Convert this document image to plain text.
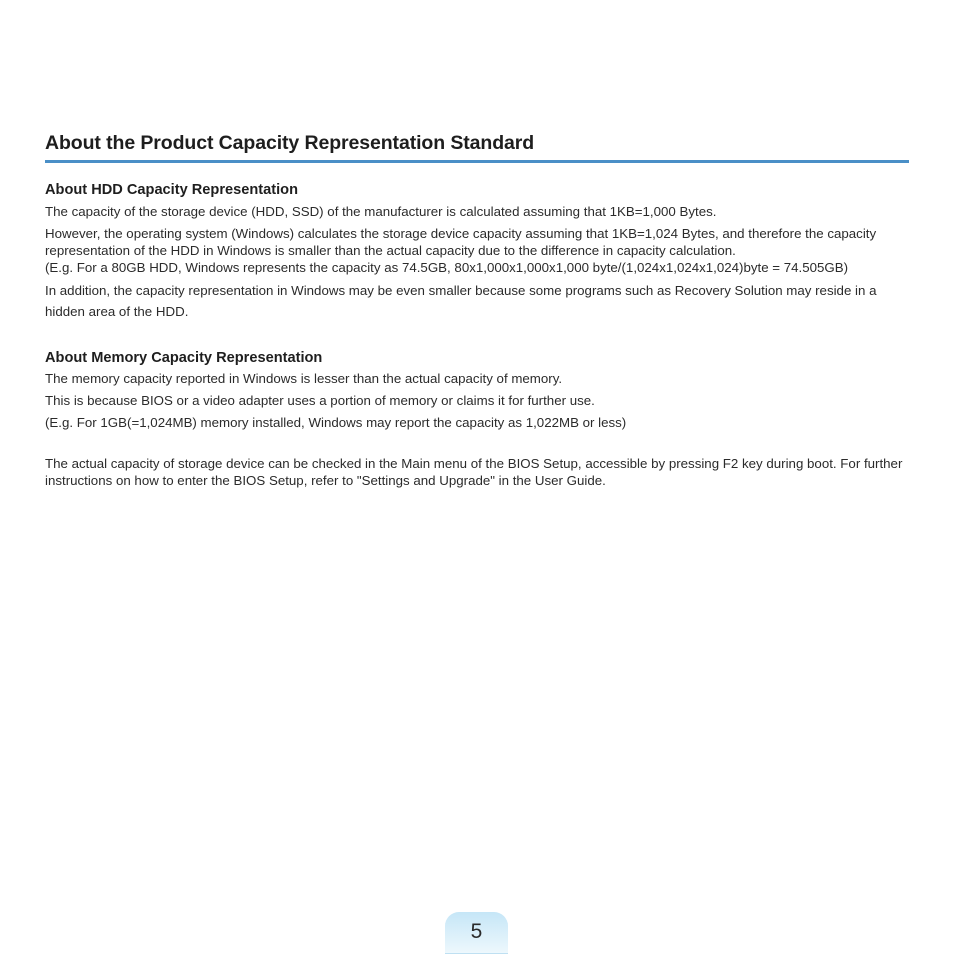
About the Product Capacity Representation Standard
About HDD Capacity Representation

The capacity of the storage device (HDD, SSD) of the manufacturer is calculated assuming that 1KB=1,000 Bytes.

However, the operating system (Windows) calculates the storage device capacity assuming that 1KB=1,024 Bytes, and therefore the capacity representation of the HDD in Windows is smaller than the actual capacity due to the difference in capacity calculation.
(E.g. For a 80GB HDD, Windows represents the capacity as 74.5GB, 80x1,000x1,000x1,000 byte/(1,024x1,024x1,024)byte = 74.505GB)

In addition, the capacity representation in Windows may be even smaller because some programs such as Recovery Solution may reside in a hidden area of the HDD.

About Memory Capacity Representation

The memory capacity reported in Windows is lesser than the actual capacity of memory.

This is because BIOS or a video adapter uses a portion of memory or claims it for further use.

(E.g. For 1GB(=1,024MB) memory installed, Windows may report the capacity as 1,022MB or less)

The actual capacity of storage device can be checked in the Main menu of the BIOS Setup, accessible by pressing F2 key during boot. For further instructions on how to enter the BIOS Setup, refer to "Settings and Upgrade" in the User Guide.

5
